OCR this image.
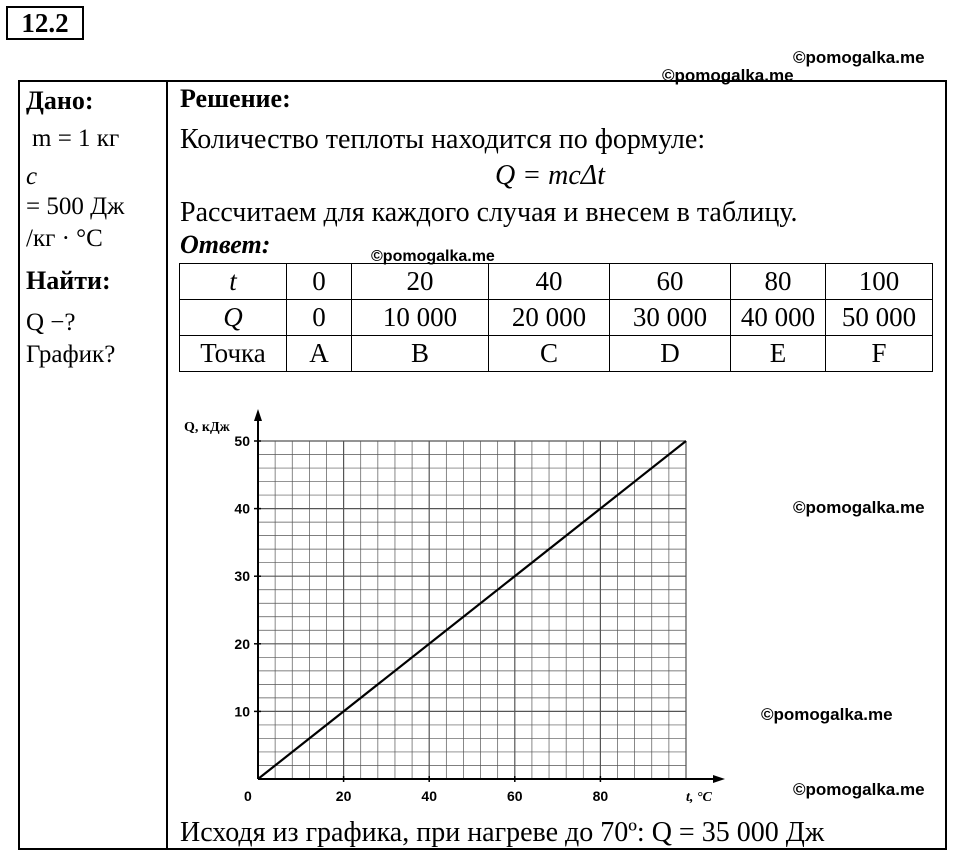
12.2
©pomogalka.me
©pomogalka.me
©pomogalka.me
©pomogalka.me
©pomogalka.me
©pomogalka.me
Дано:
m = 1 кг
c
= 500 Дж
/кг · °C
Найти:
Q −?
График?
Решение:
Количество теплоты находится по формуле:
Q = mcΔt
Рассчитаем для каждого случая и внесем в таблицу.
Ответ:
t	0	20	40	60	80	100
Q	0	10 000	20 000	30 000	40 000	50 000
Точка	A	B	C	D	E	F
0	20	40	60	80
10
20
30
40
50
Q, кДж
t, °C
Исходя из графика, при нагреве до 70º: Q = 35 000 Дж
